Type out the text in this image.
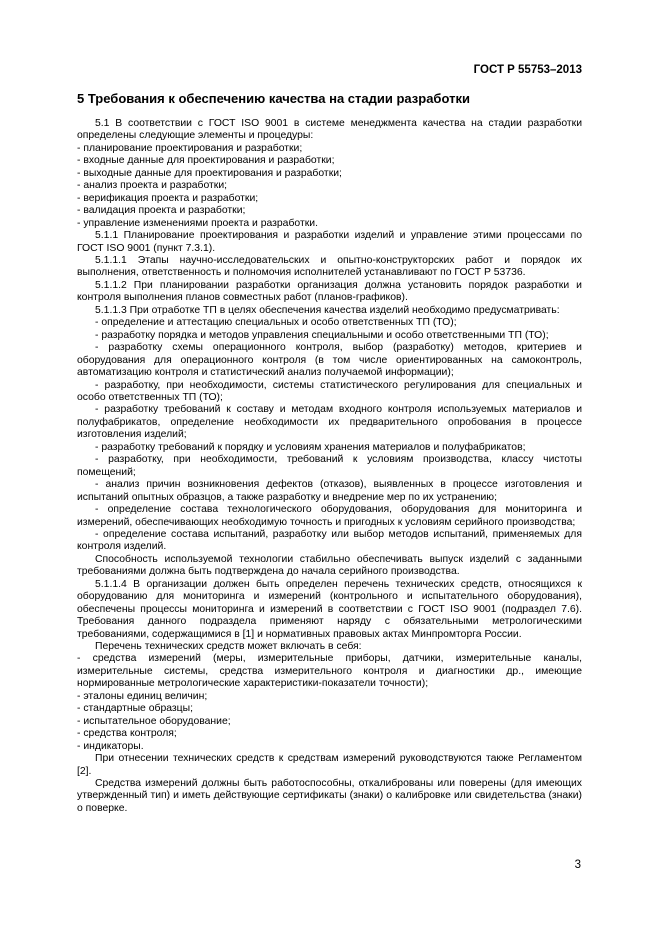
ГОСТ Р 55753–2013
5 Требования к обеспечению качества на стадии разработки

5.1 В соответствии с ГОСТ ISO 9001 в системе менеджмента качества на стадии разработки определены следующие элементы и процедуры:

- планирование проектирования и разработки;

- входные данные для проектирования и разработки;

- выходные данные для проектирования и разработки;

- анализ проекта и разработки;

- верификация проекта и разработки;

- валидация проекта и разработки;

- управление изменениями проекта и разработки.

5.1.1 Планирование проектирования и разработки изделий и управление этими процессами по ГОСТ ISO 9001 (пункт 7.3.1).

5.1.1.1 Этапы научно-исследовательских и опытно-конструкторских работ и порядок их выполнения, ответственность и полномочия исполнителей устанавливают по ГОСТ Р 53736.

5.1.1.2 При планировании разработки организация должна установить порядок разработки и контроля выполнения планов совместных работ (планов-графиков).

5.1.1.3 При отработке ТП в целях обеспечения качества изделий необходимо предусматривать:

- определение и аттестацию специальных и особо ответственных ТП (ТО);

- разработку порядка и методов управления специальными и особо ответственными ТП (ТО);

- разработку схемы операционного контроля, выбор (разработку) методов, критериев и оборудования для операционного контроля (в том числе ориентированных на самоконтроль, автоматизацию контроля и статистический анализ получаемой информации);

- разработку, при необходимости, системы статистического регулирования для специальных и особо ответственных ТП (ТО);

- разработку требований к составу и методам входного контроля используемых материалов и полуфабрикатов, определение необходимости их предварительного опробования в процессе изготовления изделий;

- разработку требований к порядку и условиям хранения материалов и полуфабрикатов;

- разработку, при необходимости, требований к условиям производства, классу чистоты помещений;

- анализ причин возникновения дефектов (отказов), выявленных в процессе изготовления и испытаний опытных образцов, а также разработку и внедрение мер по их устранению;

- определение состава технологического оборудования, оборудования для мониторинга и измерений, обеспечивающих необходимую точность и пригодных к условиям серийного производства;

- определение состава испытаний, разработку или выбор методов испытаний, применяемых для контроля изделий.

Способность используемой технологии стабильно обеспечивать выпуск изделий с заданными требованиями должна быть подтверждена до начала серийного производства.

5.1.1.4 В организации должен быть определен перечень технических средств, относящихся к оборудованию для мониторинга и измерений (контрольного и испытательного оборудования), обеспечены процессы мониторинга и измерений в соответствии с ГОСТ ISO 9001 (подраздел 7.6). Требования данного подраздела применяют наряду с обязательными метрологическими требованиями, содержащимися в [1] и нормативных правовых актах Минпромторга России.

Перечень технических средств может включать в себя:

- средства измерений (меры, измерительные приборы, датчики, измерительные каналы, измерительные системы, средства измерительного контроля и диагностики др., имеющие нормированные метрологические характеристики-показатели точности);

- эталоны единиц величин;

- стандартные образцы;

- испытательное оборудование;

- средства контроля;

- индикаторы.

При отнесении технических средств к средствам измерений руководствуются также Регламентом [2].

Средства измерений должны быть работоспособны, откалиброваны или поверены (для имеющих утвержденный тип) и иметь действующие сертификаты (знаки) о калибровке или свидетельства (знаки) о поверке.

3
